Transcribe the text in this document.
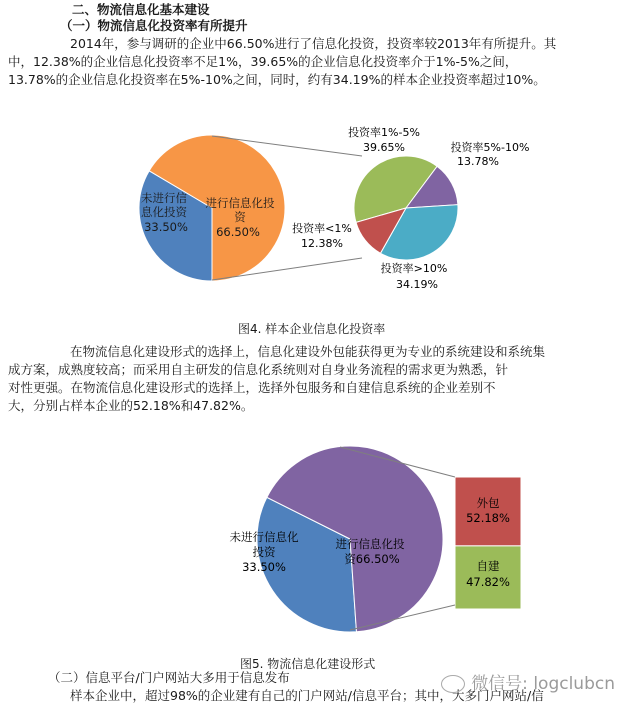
二、物流信息化基本建设
（一）物流信息化投资率有所提升
2014年，参与调研的企业中66.50%进行了信息化投资，投资率较2013年有所提升。其
中，12.38%的企业信息化投资率不足1%，39.65%的企业信息化投资率介于1%-5%之间，
13.78%的企业信息化投资率在5%-10%之间，同时，约有34.19%的样本企业投资率超过10%。
未进行信
息化投资
33.50%
进行信息化投
资
66.50%
投资率1%-5%
39.65%	投资率5%-10%
13.78%
投资率<1%
12.38%
投资率>10%
34.19%
图4. 样本企业信息化投资率
在物流信息化建设形式的选择上，信息化建设外包能获得更为专业的系统建设和系统集
成方案，成熟度较高；而采用自主研发的信息化系统则对自身业务流程的需求更为熟悉，针
对性更强。在物流信息化建设形式的选择上，选择外包服务和自建信息系统的企业差别不
大，分别占样本企业的52.18%和47.82%。
未进行信息化
投资
33.50%
进行信息化投
资66.50%
外包
52.18%
自建
47.82%
图5. 物流信息化建设形式
（二）信息平台/门户网站大多用于信息发布
样本企业中，超过98%的企业建有自己的门户网站/信息平台；其中，大多门户网站/信
微信号: logclubcn
